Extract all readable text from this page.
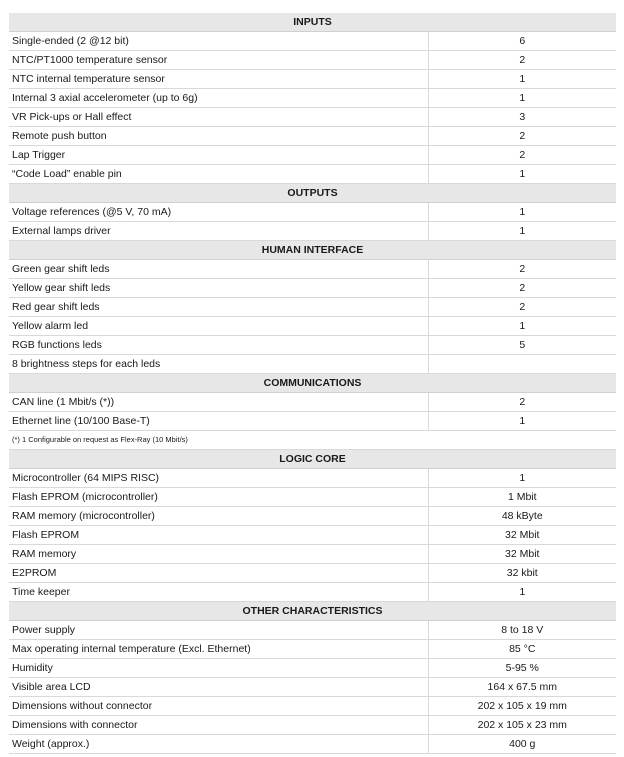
INPUTS	
Single-ended (2 @12 bit)	6
NTC/PT1000 temperature sensor	2
NTC internal temperature sensor	1
Internal 3 axial accelerometer (up to 6g)	1
VR Pick-ups or Hall effect	3
Remote push button	2
Lap Trigger	2
“Code Load” enable pin	1
OUTPUTS	
Voltage references (@5 V, 70 mA)	1
External lamps driver	1
HUMAN INTERFACE	
Green gear shift leds	2
Yellow gear shift leds	2
Red gear shift leds	2
Yellow alarm led	1
RGB functions leds	5
8 brightness steps for each leds	
COMMUNICATIONS	
CAN line (1 Mbit/s (*))	2
Ethernet line (10/100 Base-T)	1
(*) 1 Configurable on request as Flex-Ray (10 Mbit/s)	
LOGIC CORE	
Microcontroller (64 MIPS RISC)	1
Flash EPROM (microcontroller)	1 Mbit
RAM memory (microcontroller)	48 kByte
Flash EPROM	32 Mbit
RAM memory	32 Mbit
E2PROM	32 kbit
Time keeper	1
OTHER CHARACTERISTICS	
Power supply	8 to 18 V
Max operating internal temperature (Excl. Ethernet)	85 °C
Humidity	5-95 %
Visible area LCD	164 x 67.5 mm
Dimensions without connector	202 x 105 x 19 mm
Dimensions with connector	202 x 105 x 23 mm
Weight (approx.)	400 g
